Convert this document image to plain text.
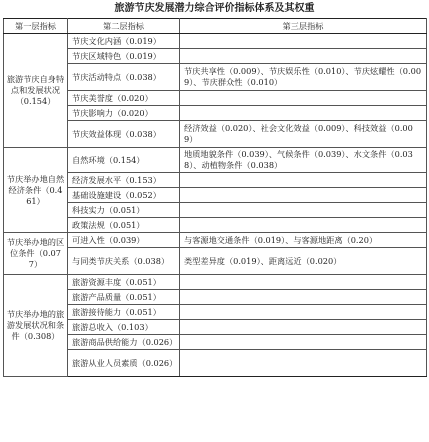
旅游节庆发展潜力综合评价指标体系及其权重
第一层指标	第二层指标	第三层指标
旅游节庆自身特点和发展状况（0.154）	节庆文化内涵（0.019）	
	节庆区域特色（0.019）	
	节庆活动特点（0.038）	节庆共享性（0.009）、节庆娱乐性（0.010）、节庆炫耀性（0.009）、节庆群众性（0.010）
	节庆美誉度（0.020）	
	节庆影响力（0.020）	
	节庆效益体现（0.038）	经济效益（0.020）、社会文化效益（0.009）、科技效益（0.009）
节庆举办地自然经济条件（0.461）	自然环境（0.154）	地质地貌条件（0.039）、气候条件（0.039）、水文条件（0.038）、动植物条件（0.038）
	经济发展水平（0.153）	
	基础设施建设（0.052）	
	科技实力（0.051）	
	政策法规（0.051）	
节庆举办地的区位条件（0.077）	可进入性（0.039）	与客源地交通条件（0.019）、与客源地距离（0.20）
	与同类节庆关系（0.038）	类型差异度（0.019）、距离远近（0.020）
节庆举办地的旅游发展状况和条件（0.308）	旅游资源丰度（0.051）	
	旅游产品质量（0.051）	
	旅游接待能力（0.051）	
	旅游总收入（0.103）	
	旅游商品供给能力（0.026）	
	旅游从业人员素质（0.026）	
